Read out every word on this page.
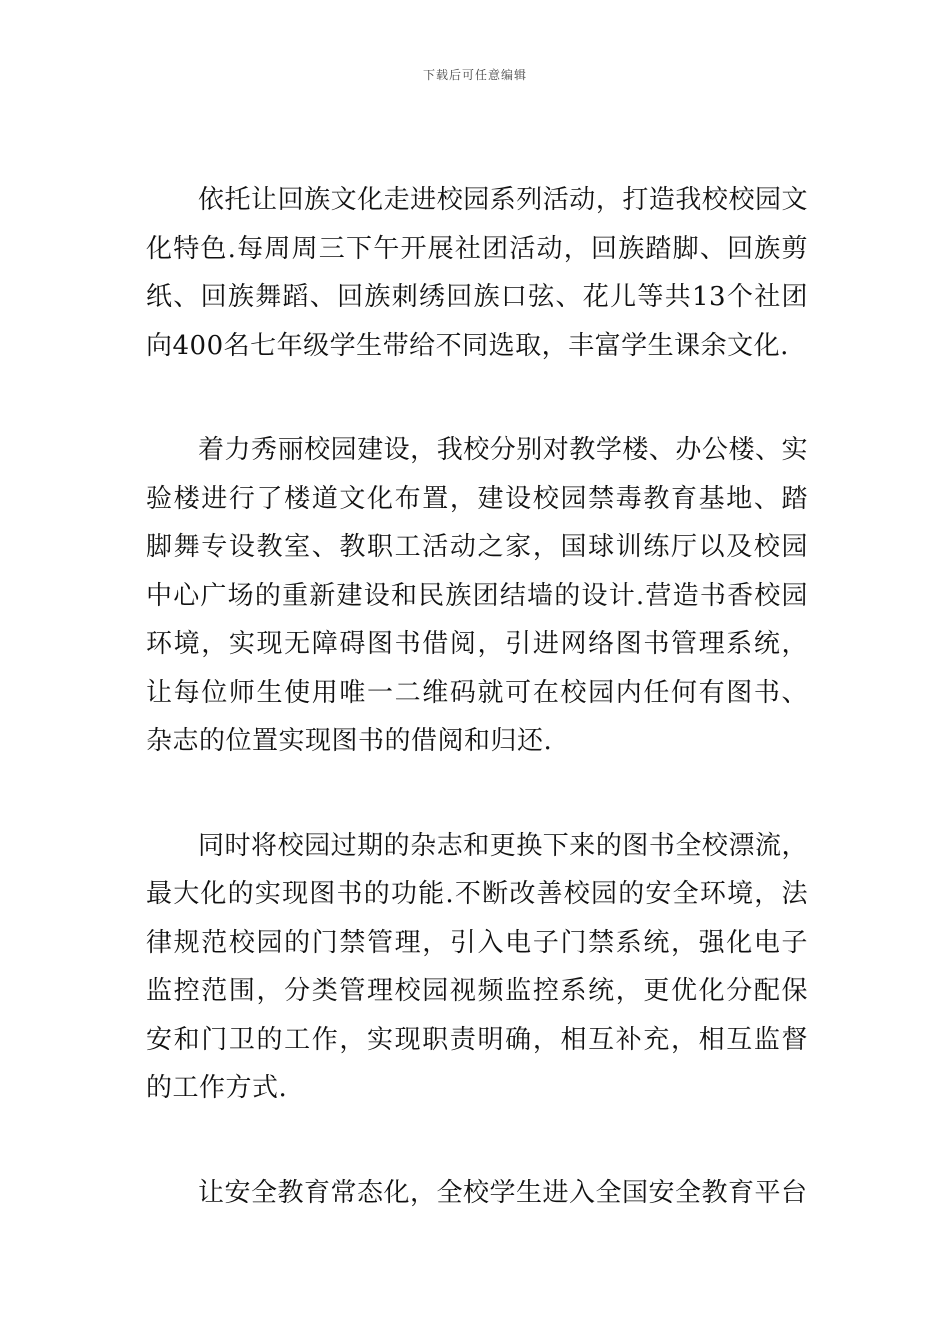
下载后可任意编辑

依托让回族文化走进校园系列活动，打造我校校园文化特色.每周周三下午开展社团活动，回族踏脚、回族剪纸、回族舞蹈、回族刺绣回族口弦、花儿等共13个社团向400名七年级学生带给不同选取，丰富学生课余文化.

着力秀丽校园建设，我校分别对教学楼、办公楼、实验楼进行了楼道文化布置，建设校园禁毒教育基地、踏脚舞专设教室、教职工活动之家，国球训练厅以及校园中心广场的重新建设和民族团结墙的设计.营造书香校园环境，实现无障碍图书借阅，引进网络图书管理系统，让每位师生使用唯一二维码就可在校园内任何有图书、杂志的位置实现图书的借阅和归还.

同时将校园过期的杂志和更换下来的图书全校漂流，最大化的实现图书的功能.不断改善校园的安全环境，法律规范校园的门禁管理，引入电子门禁系统，强化电子监控范围，分类管理校园视频监控系统，更优化分配保安和门卫的工作，实现职责明确，相互补充，相互监督的工作方式.

让安全教育常态化，全校学生进入全国安全教育平台
